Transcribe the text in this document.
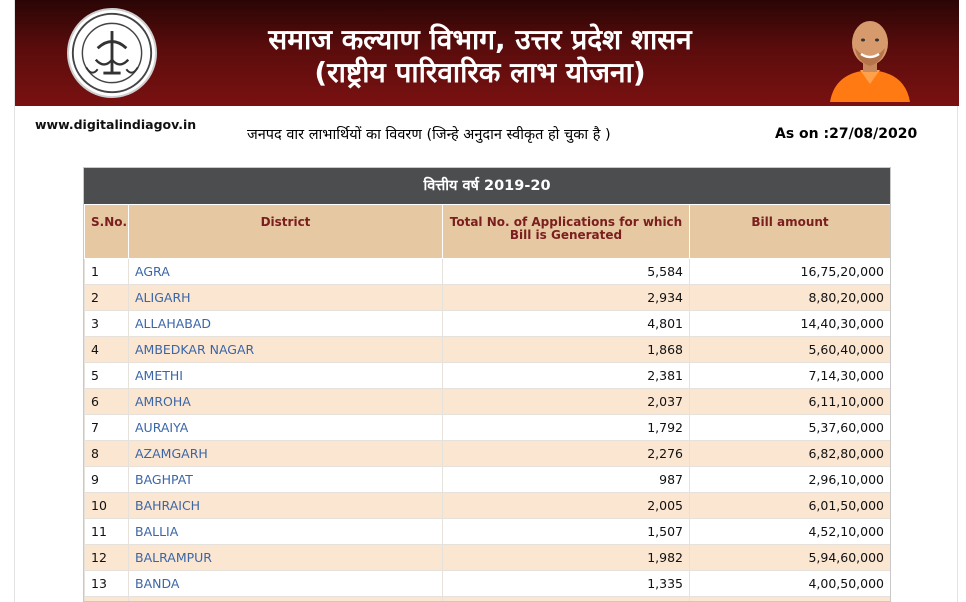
समाज कल्याण विभाग, उत्तर प्रदेश शासन
(राष्ट्रीय पारिवारिक लाभ योजना)
www.digitalindiagov.in
जनपद वार लाभार्थियों का विवरण (जिन्हे अनुदान स्वीकृत हो चुका है )	As on :27/08/2020
वित्तीय वर्ष 2019-20
S.No.	District	Total No. of Applications for which Bill is Generated	Bill amount
1	AGRA	5,584	16,75,20,000
2	ALIGARH	2,934	8,80,20,000
3	ALLAHABAD	4,801	14,40,30,000
4	AMBEDKAR NAGAR	1,868	5,60,40,000
5	AMETHI	2,381	7,14,30,000
6	AMROHA	2,037	6,11,10,000
7	AURAIYA	1,792	5,37,60,000
8	AZAMGARH	2,276	6,82,80,000
9	BAGHPAT	987	2,96,10,000
10	BAHRAICH	2,005	6,01,50,000
11	BALLIA	1,507	4,52,10,000
12	BALRAMPUR	1,982	5,94,60,000
13	BANDA	1,335	4,00,50,000
